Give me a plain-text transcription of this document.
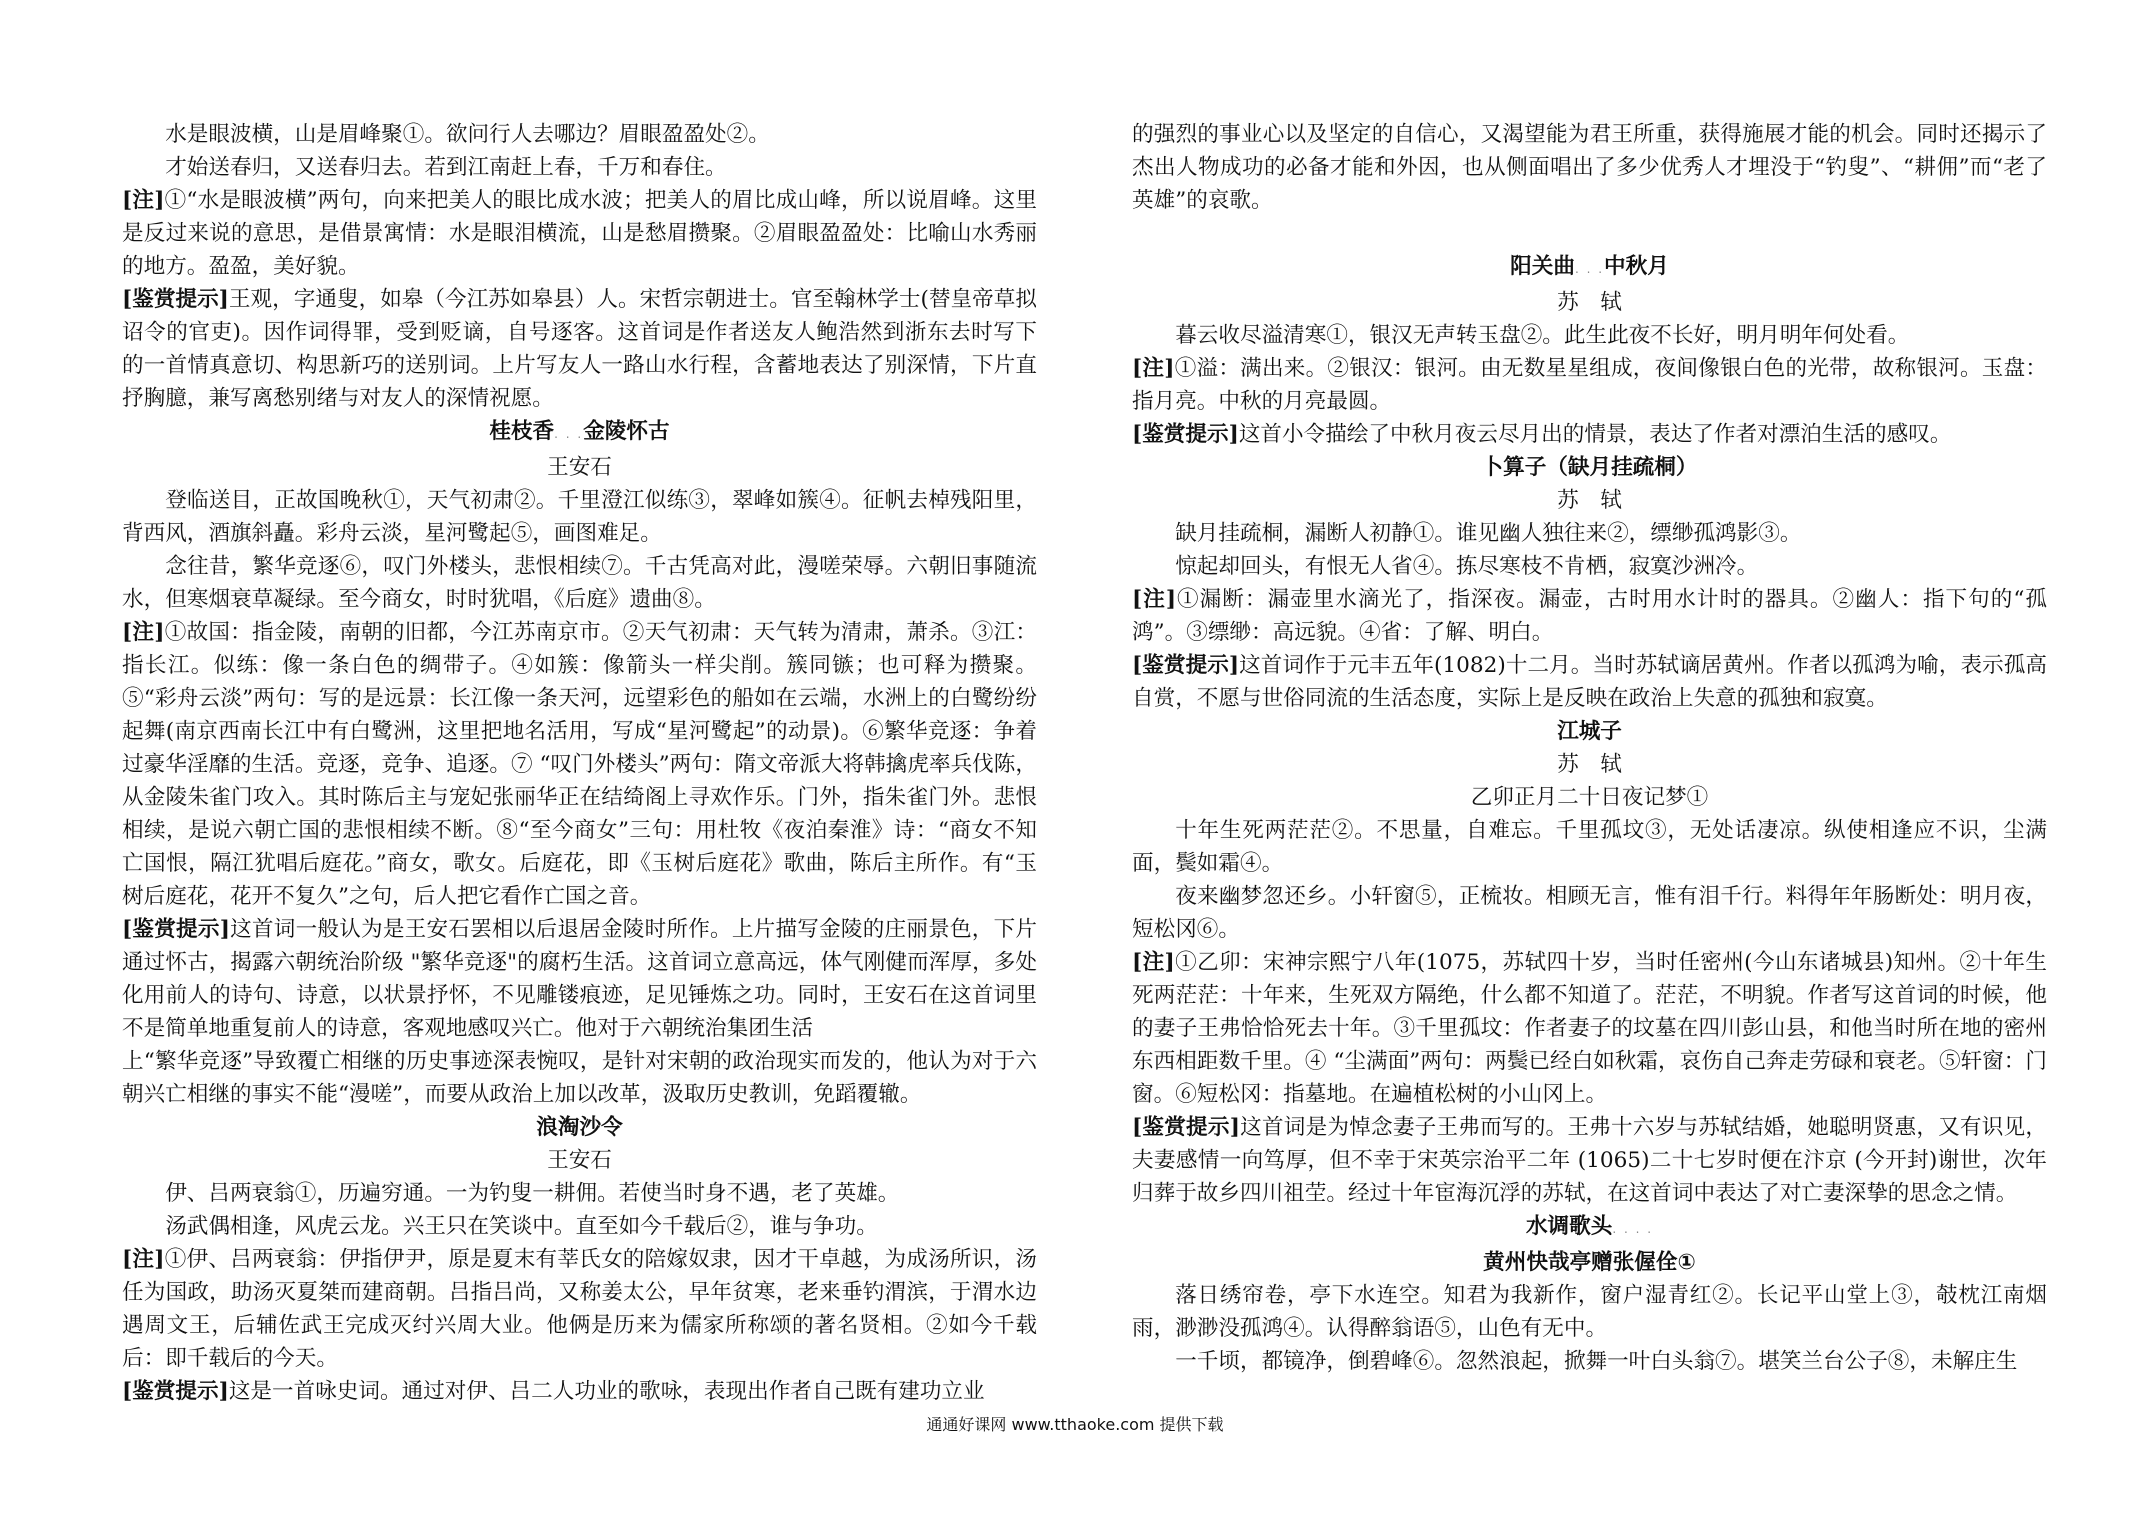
水是眼波横，山是眉峰聚①。欲问行人去哪边？眉眼盈盈处②。

才始送春归，又送春归去。若到江南赶上春，千万和春住。

[注]①“水是眼波横”两句，向来把美人的眼比成水波；把美人的眉比成山峰，所以说眉峰。这里是反过来说的意思，是借景寓情：水是眼泪横流，山是愁眉攒聚。②眉眼盈盈处：比喻山水秀丽的地方。盈盈，美好貌。

[鉴赏提示]王观，字通叟，如皋（今江苏如皋县）人。宋哲宗朝进士。官至翰林学士(替皇帝草拟诏令的官吏)。因作词得罪，受到贬谪，自号逐客。这首词是作者送友人鲍浩然到浙东去时写下的一首情真意切、构思新巧的送别词。上片写友人一路山水行程，含蓄地表达了别深情，下片直抒胸臆，兼写离愁别绪与对友人的深情祝愿。

桂枝香. . .金陵怀古
王安石

登临送目，正故国晚秋①，天气初肃②。千里澄江似练③，翠峰如簇④。征帆去棹残阳里，背西风，酒旗斜矗。彩舟云淡，星河鹭起⑤，画图难足。

念往昔，繁华竞逐⑥，叹门外楼头，悲恨相续⑦。千古凭高对此，漫嗟荣辱。六朝旧事随流水，但寒烟衰草凝绿。至今商女，时时犹唱，《后庭》遗曲⑧。

[注]①故国：指金陵，南朝的旧都，今江苏南京市。②天气初肃：天气转为清肃，萧杀。③江：指长江。似练：像一条白色的绸带子。④如簇：像箭头一样尖削。簇同镞；也可释为攒聚。⑤“彩舟云淡”两句：写的是远景：长江像一条天河，远望彩色的船如在云端，水洲上的白鹭纷纷起舞(南京西南长江中有白鹭洲，这里把地名活用，写成“星河鹭起”的动景)。⑥繁华竞逐：争着过豪华淫靡的生活。竞逐，竞争、追逐。⑦ “叹门外楼头”两句：隋文帝派大将韩擒虎率兵伐陈，从金陵朱雀门攻入。其时陈后主与宠妃张丽华正在结绮阁上寻欢作乐。门外，指朱雀门外。悲恨相续，是说六朝亡国的悲恨相续不断。⑧“至今商女”三句：用杜牧《夜泊秦淮》诗：“商女不知亡国恨，隔江犹唱后庭花。”商女，歌女。后庭花，即《玉树后庭花》歌曲，陈后主所作。有“玉树后庭花，花开不复久”之句，后人把它看作亡国之音。

[鉴赏提示]这首词一般认为是王安石罢相以后退居金陵时所作。上片描写金陵的庄丽景色，下片通过怀古，揭露六朝统治阶级 "繁华竞逐"的腐朽生活。这首词立意高远，体气刚健而浑厚，多处化用前人的诗句、诗意，以状景抒怀，不见雕镂痕迹，足见锤炼之功。同时，王安石在这首词里不是简单地重复前人的诗意，客观地感叹兴亡。他对于六朝统治集团生活

上“繁华竞逐”导致覆亡相继的历史事迹深表惋叹，是针对宋朝的政治现实而发的，他认为对于六朝兴亡相继的事实不能“漫嗟”，而要从政治上加以改革，汲取历史教训，免蹈覆辙。

浪淘沙令
王安石

伊、吕两衰翁①，历遍穷通。一为钓叟一耕佣。若使当时身不遇，老了英雄。

汤武偶相逢，风虎云龙。兴王只在笑谈中。直至如今千载后②，谁与争功。

[注]①伊、吕两衰翁：伊指伊尹，原是夏末有莘氏女的陪嫁奴隶，因才干卓越，为成汤所识，汤任为国政，助汤灭夏桀而建商朝。吕指吕尚，又称姜太公，早年贫寒，老来垂钓渭滨，于渭水边遇周文王，后辅佐武王完成灭纣兴周大业。他俩是历来为儒家所称颂的著名贤相。②如今千载后：即千载后的今天。

[鉴赏提示]这是一首咏史词。通过对伊、吕二人功业的歌咏，表现出作者自己既有建功立业

的强烈的事业心以及坚定的自信心，又渴望能为君王所重，获得施展才能的机会。同时还揭示了杰出人物成功的必备才能和外因，也从侧面唱出了多少优秀人才埋没于“钓叟”、“耕佣”而“老了英雄”的哀歌。

阳关曲. . .中秋月
苏　轼

暮云收尽溢清寒①，银汉无声转玉盘②。此生此夜不长好，明月明年何处看。

[注]①溢：满出来。②银汉：银河。由无数星星组成，夜间像银白色的光带，故称银河。玉盘：指月亮。中秋的月亮最圆。

[鉴赏提示]这首小令描绘了中秋月夜云尽月出的情景，表达了作者对漂泊生活的感叹。

卜算子（缺月挂疏桐）
苏　轼

缺月挂疏桐，漏断人初静①。谁见幽人独往来②，缥缈孤鸿影③。

惊起却回头，有恨无人省④。拣尽寒枝不肯栖，寂寞沙洲冷。

[注]①漏断：漏壶里水滴光了，指深夜。漏壶，古时用水计时的器具。②幽人：指下句的“孤鸿”。③缥缈：高远貌。④省：了解、明白。

[鉴赏提示]这首词作于元丰五年(1082)十二月。当时苏轼谪居黄州。作者以孤鸿为喻，表示孤高自赏，不愿与世俗同流的生活态度，实际上是反映在政治上失意的孤独和寂寞。

江城子
苏　轼
乙卯正月二十日夜记梦①

十年生死两茫茫②。不思量，自难忘。千里孤坟③，无处话凄凉。纵使相逢应不识，尘满面，鬓如霜④。

夜来幽梦忽还乡。小轩窗⑤，正梳妆。相顾无言，惟有泪千行。料得年年肠断处：明月夜，短松冈⑥。

[注]①乙卯：宋神宗熙宁八年(1075，苏轼四十岁，当时任密州(今山东诸城县)知州。②十年生死两茫茫：十年来，生死双方隔绝，什么都不知道了。茫茫，不明貌。作者写这首词的时候，他的妻子王弗恰恰死去十年。③千里孤坟：作者妻子的坟墓在四川彭山县，和他当时所在地的密州东西相距数千里。④ “尘满面”两句：两鬓已经白如秋霜，哀伤自己奔走劳碌和衰老。⑤轩窗：门窗。⑥短松冈：指墓地。在遍植松树的小山冈上。

[鉴赏提示]这首词是为悼念妻子王弗而写的。王弗十六岁与苏轼结婚，她聪明贤惠，又有识见，夫妻感情一向笃厚，但不幸于宋英宗治平二年 (1065)二十七岁时便在汴京 (今开封)谢世，次年归葬于故乡四川祖茔。经过十年宦海沉浮的苏轼，在这首词中表达了对亡妻深挚的思念之情。

水调歌头. . . .
黄州快哉亭赠张偓佺①

落日绣帘卷，亭下水连空。知君为我新作，窗户湿青红②。长记平山堂上③，攲枕江南烟雨，渺渺没孤鸿④。认得醉翁语⑤，山色有无中。

一千顷，都镜净，倒碧峰⑥。忽然浪起，掀舞一叶白头翁⑦。堪笑兰台公子⑧，未解庄生

通通好课网 www.tthaoke.com 提供下载
